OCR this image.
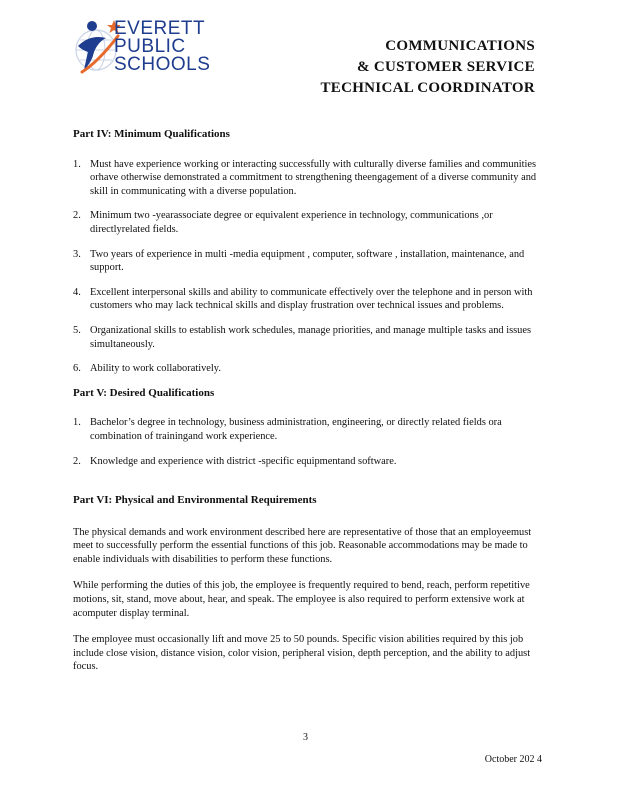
EVERETT
PUBLIC
SCHOOLS
COMMUNICATIONS
& CUSTOMER SERVICE
TECHNICAL COORDINATOR
Part IV: Minimum Qualifications
1. Must have experience working or interacting successfully with culturally diverse families and communities orhave otherwise demonstrated a commitment to strengthening theengagement of a diverse community and skill in communicating with a diverse population.
2. Minimum two -yearassociate degree or equivalent experience in technology, communications ,or directlyrelated fields.
3. Two years of experience in multi -media equipment , computer, software , installation, maintenance, and support.
4. Excellent interpersonal skills and ability to communicate effectively over the telephone and in person with customers who may lack technical skills and display frustration over technical issues and problems.
5. Organizational skills to establish work schedules, manage priorities, and manage multiple tasks and issues simultaneously.
6. Ability to work collaboratively.
Part V: Desired Qualifications
1. Bachelor’s degree in technology, business administration, engineering, or directly related fields ora combination of trainingand work experience.
2. Knowledge and experience with district -specific equipmentand software.
Part VI: Physical and Environmental Requirements

The physical demands and work environment described here are representative of those that an employeemust meet to successfully perform the essential functions of this job. Reasonable accommodations may be made to enable individuals with disabilities to perform these functions.

While performing the duties of this job, the employee is frequently required to bend, reach, perform repetitive motions, sit, stand, move about, hear, and speak. The employee is also required to perform extensive work at acomputer display terminal.

The employee must occasionally lift and move 25 to 50 pounds. Specific vision abilities required by this job include close vision, distance vision, color vision, peripheral vision, depth perception, and the ability to adjust focus.

3
October 202 4
